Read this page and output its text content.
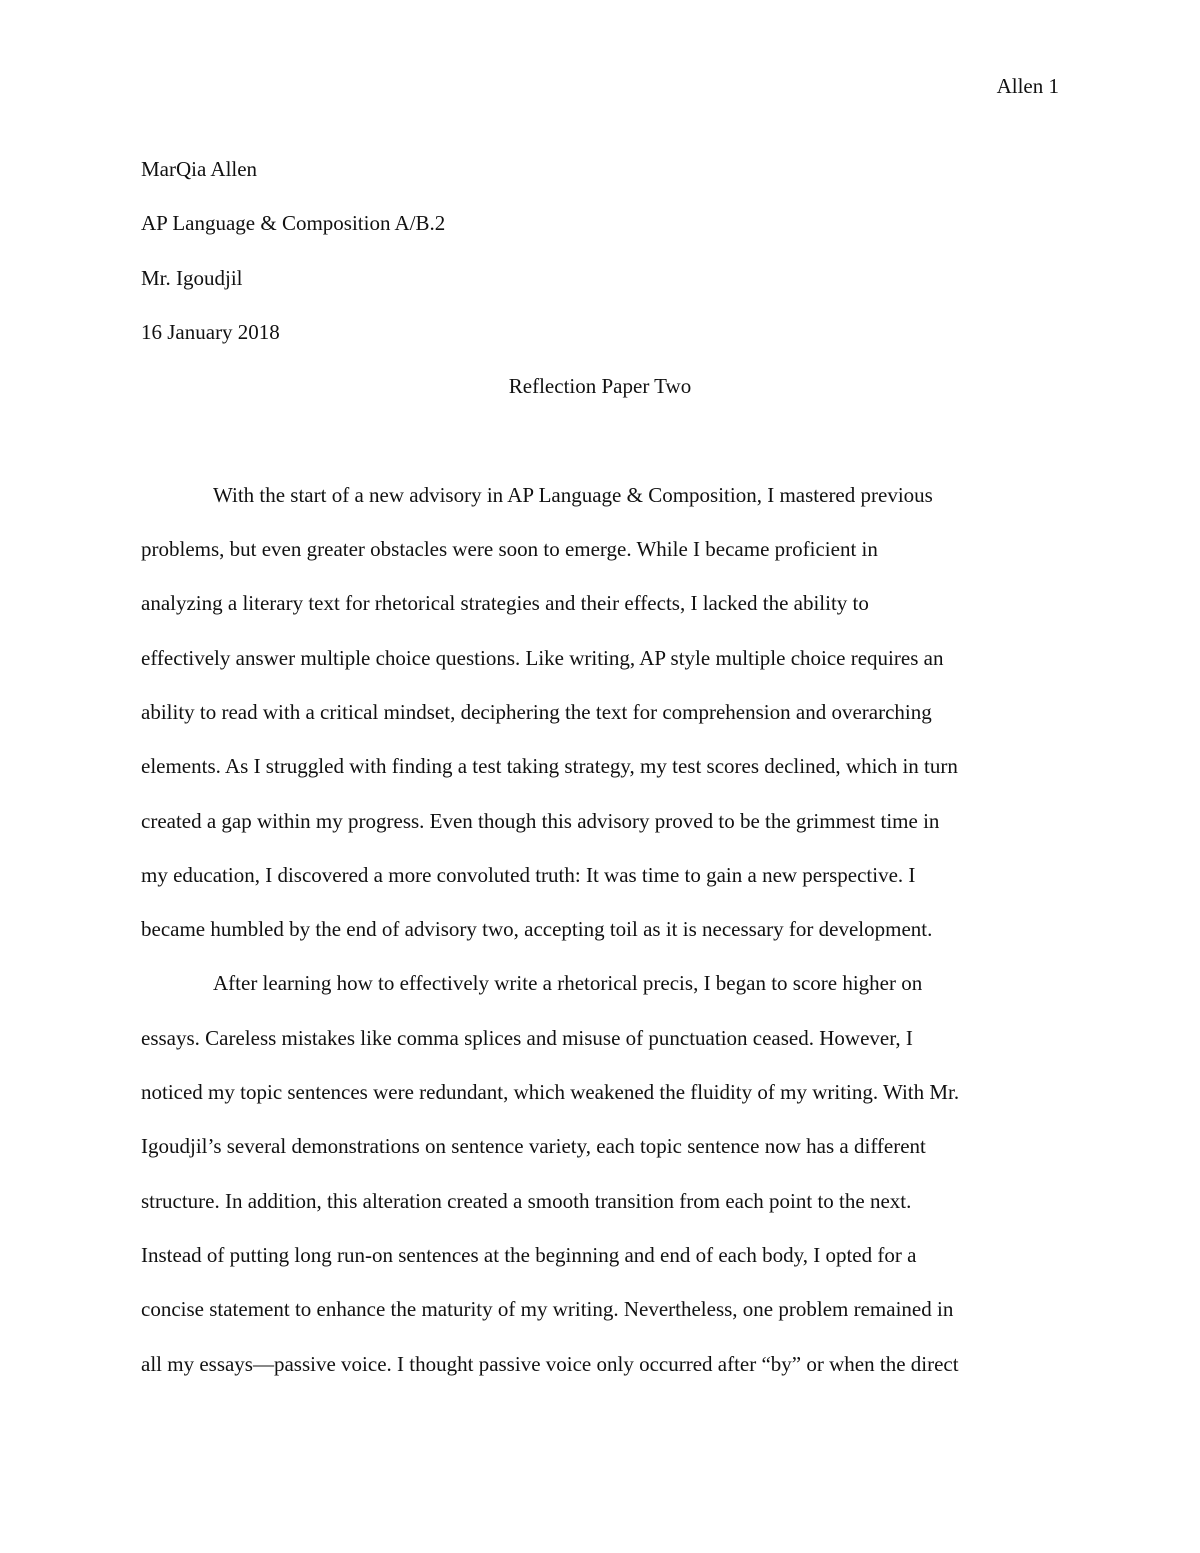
Allen 1

MarQia Allen

AP Language & Composition A/B.2

Mr. Igoudjil

16 January 2018

Reflection Paper Two

With the start of a new advisory in AP Language & Composition, I mastered previous
problems, but even greater obstacles were soon to emerge. While I became proficient in
analyzing a literary text for rhetorical strategies and their effects, I lacked the ability to
effectively answer multiple choice questions. Like writing, AP style multiple choice requires an
ability to read with a critical mindset, deciphering the text for comprehension and overarching
elements. As I struggled with finding a test taking strategy, my test scores declined, which in turn
created a gap within my progress. Even though this advisory proved to be the grimmest time in
my education, I discovered a more convoluted truth: It was time to gain a new perspective. I
became humbled by the end of advisory two, accepting toil as it is necessary for development.
After learning how to effectively write a rhetorical precis, I began to score higher on
essays. Careless mistakes like comma splices and misuse of punctuation ceased. However, I
noticed my topic sentences were redundant, which weakened the fluidity of my writing. With Mr.
Igoudjil’s several demonstrations on sentence variety, each topic sentence now has a different
structure. In addition, this alteration created a smooth transition from each point to the next.
Instead of putting long run-on sentences at the beginning and end of each body, I opted for a
concise statement to enhance the maturity of my writing. Nevertheless, one problem remained in
all my essays—passive voice. I thought passive voice only occurred after “by” or when the direct
